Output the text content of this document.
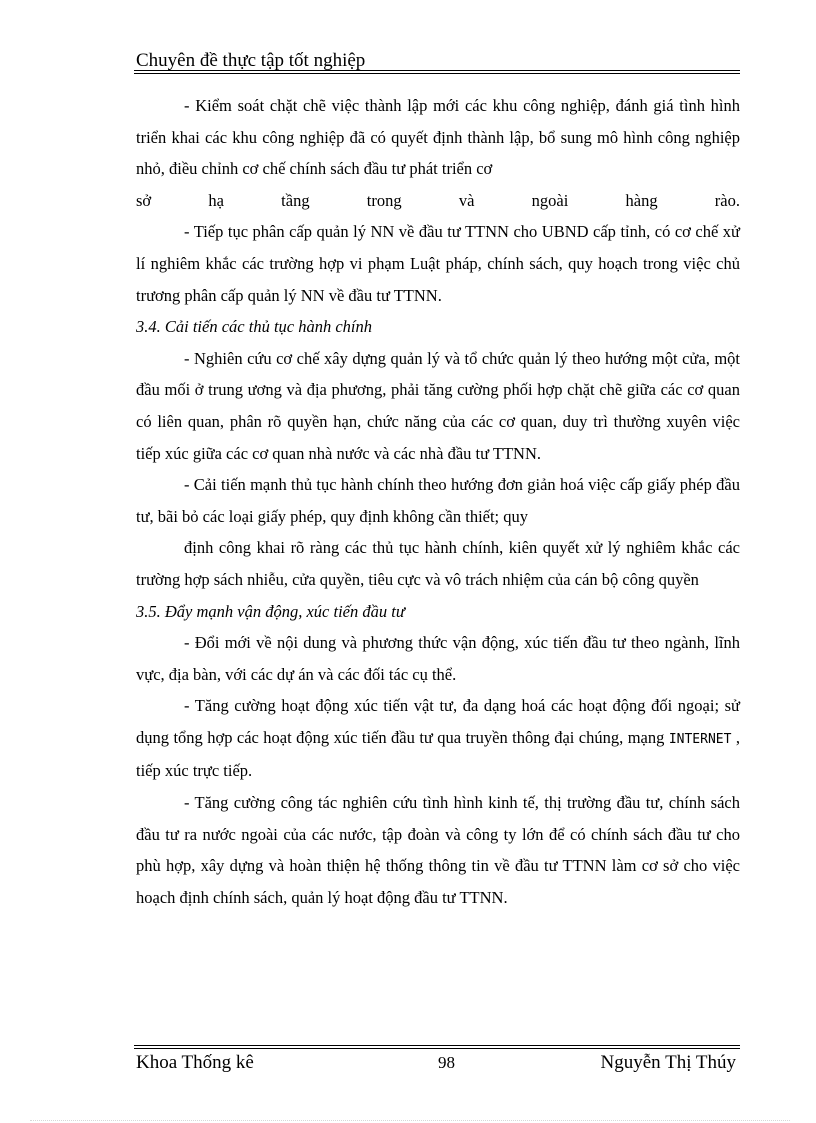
Chuyên đề thực tập tốt nghiệp

- Kiểm soát chặt chẽ việc thành lập mới các khu công nghiệp, đánh giá tình hình triển khai các khu công nghiệp đã có quyết định thành lập, bổ sung mô hình công nghiệp nhỏ, điều chỉnh cơ chế chính sách đầu tư phát triển cơ

sở hạ tầng trong và ngoài hàng rào.

- Tiếp tục phân cấp quản lý NN về đầu tư TTNN cho UBND cấp tỉnh, có cơ chế xử lí nghiêm khắc các trường hợp vi phạm Luật pháp, chính sách, quy hoạch trong việc chủ trương phân cấp quản lý NN về đầu tư TTNN.

3.4. Cải tiến các thủ tục hành chính

- Nghiên cứu cơ chế xây dựng quản lý và tổ chức quản lý theo hướng một cửa, một đầu mối ở trung ương và địa phương, phải tăng cường phối hợp chặt chẽ giữa các cơ quan có liên quan, phân rõ quyền hạn, chức năng của các cơ quan, duy trì thường xuyên việc tiếp xúc giữa các cơ quan nhà nước và các nhà đầu tư TTNN.

- Cải tiến mạnh thủ tục hành chính theo hướng đơn giản hoá việc cấp giấy phép đầu tư, bãi bỏ các loại giấy phép, quy định không cần thiết; quy

định công khai rõ ràng các thủ tục hành chính, kiên quyết xử lý nghiêm khắc các trường hợp sách nhiễu, cửa quyền, tiêu cực và vô trách nhiệm của cán bộ công quyền

3.5. Đẩy mạnh vận động, xúc tiến đầu tư

- Đổi mới về nội dung và phương thức vận động, xúc tiến đầu tư theo ngành, lĩnh vực, địa bàn, với các dự án và các đối tác cụ thể.

- Tăng cường hoạt động xúc tiến vật tư, đa dạng hoá các hoạt động đối ngoại; sử dụng tổng hợp các hoạt động xúc tiến đầu tư qua truyền thông đại chúng, mạng INTERNET , tiếp xúc trực tiếp.

- Tăng cường công tác nghiên cứu tình hình kinh tế, thị trường đầu tư, chính sách đầu tư ra nước ngoài của các nước, tập đoàn và công ty lớn để có chính sách đầu tư cho phù hợp, xây dựng và hoàn thiện hệ thống thông tin về đầu tư TTNN làm cơ sở cho việc hoạch định chính sách, quản lý hoạt động đầu tư TTNN.

Khoa Thống kê	98	Nguyễn Thị Thúy
